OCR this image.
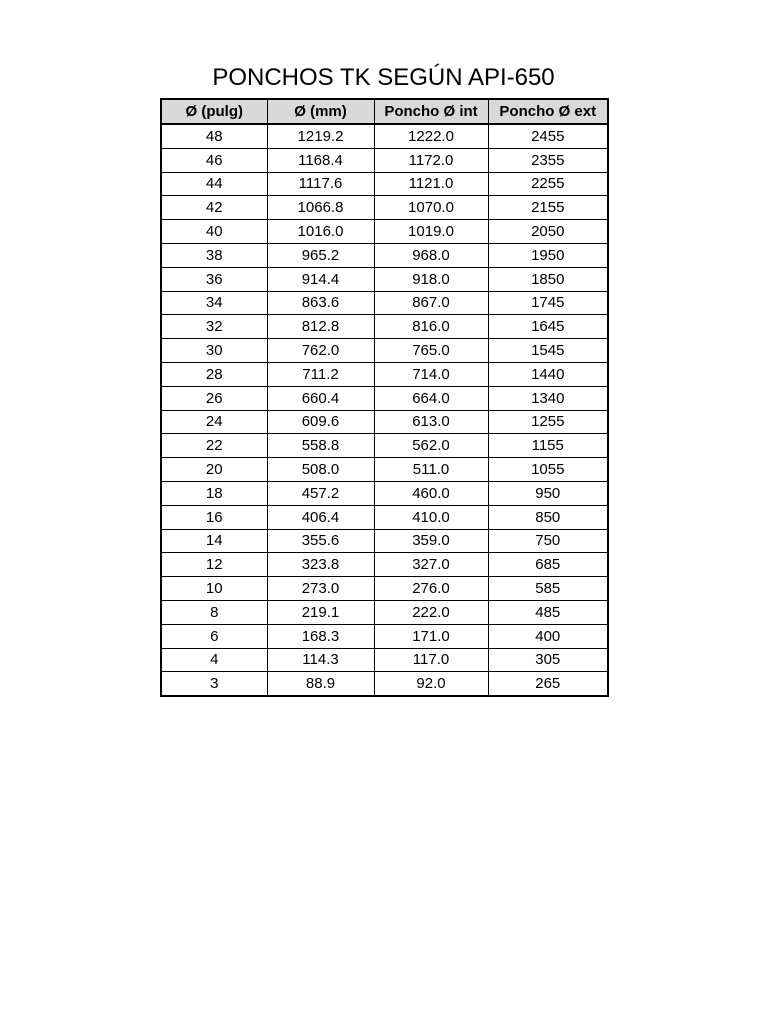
PONCHOS TK SEGÚN API-650
Ø (pulg)	Ø (mm)	Poncho Ø int	Poncho Ø ext
48	1219.2	1222.0	2455
46	1168.4	1172.0	2355
44	1117.6	1121.0	2255
42	1066.8	1070.0	2155
40	1016.0	1019.0	2050
38	965.2	968.0	1950
36	914.4	918.0	1850
34	863.6	867.0	1745
32	812.8	816.0	1645
30	762.0	765.0	1545
28	711.2	714.0	1440
26	660.4	664.0	1340
24	609.6	613.0	1255
22	558.8	562.0	1155
20	508.0	511.0	1055
18	457.2	460.0	950
16	406.4	410.0	850
14	355.6	359.0	750
12	323.8	327.0	685
10	273.0	276.0	585
8	219.1	222.0	485
6	168.3	171.0	400
4	114.3	117.0	305
3	88.9	92.0	265
